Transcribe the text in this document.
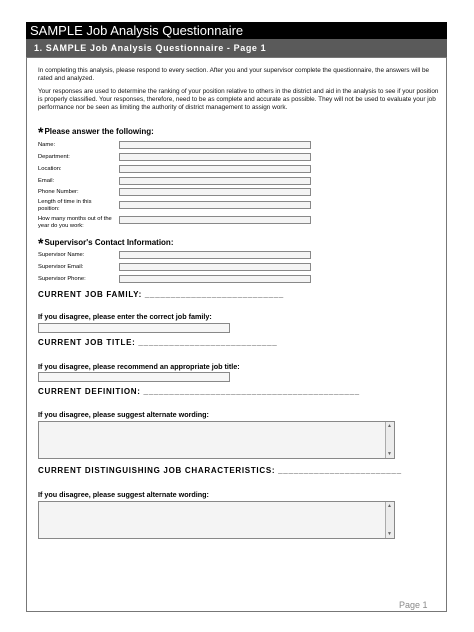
SAMPLE Job Analysis Questionnaire
1. SAMPLE Job Analysis Questionnaire - Page 1
In completing this analysis, please respond to every section. After you and your supervisor complete the questionnaire, the answers will be rated and analyzed.
Your responses are used to determine the ranking of your position relative to others in the district and aid in the analysis to see if your position is properly classified. Your responses, therefore, need to be as complete and accurate as possible. They will not be used to evaluate your job performance nor be seen as limiting the authority of district management to assign work.
*Please answer the following:
Name:
Department:
Location:
Email:
Phone Number:
Length of time in this position:
How many months out of the year do you work:
*Supervisor's Contact Information:
Supervisor Name:
Supervisor Email:
Supervisor Phone:
CURRENT JOB FAMILY: ___________________________
If you disagree, please enter the correct job family:
CURRENT JOB TITLE: ___________________________
If you disagree, please recommend an appropriate job title:
CURRENT DEFINITION: __________________________________________
If you disagree, please suggest alternate wording:
▲
▼
CURRENT DISTINGUISHING JOB CHARACTERISTICS: ________________________
If you disagree, please suggest alternate wording:
▲
▼
Page 1
